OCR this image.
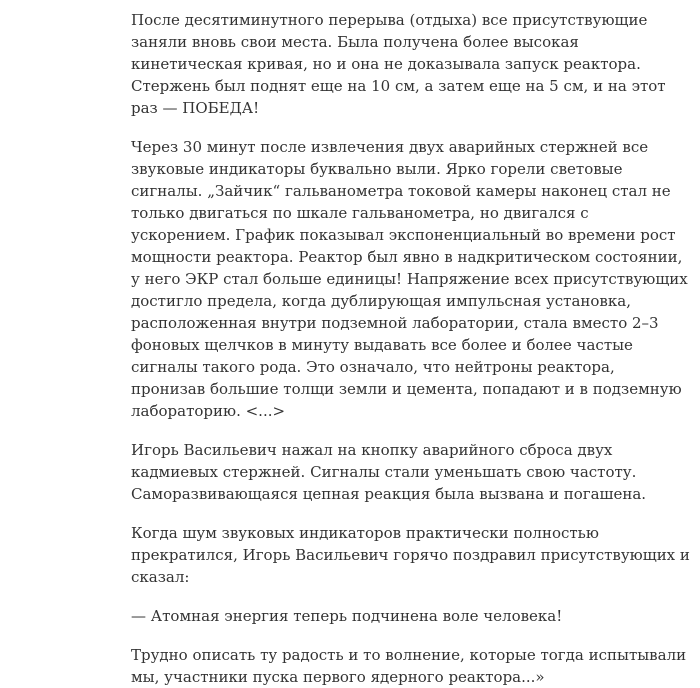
После десятиминутного перерыва (отдыха) все присутствующие заняли вновь свои места. Была получена более высокая кинетическая кривая, но и она не доказывала запуск реактора. Стержень был поднят еще на 10 см, а затем еще на 5 см, и на этот раз — ПОБЕДА!

Через 30 минут после извлечения двух аварийных стержней все звуковые индикаторы буквально выли. Ярко горели световые сигналы. „Зайчик“ гальванометра токовой камеры наконец стал не только двигаться по шкале гальванометра, но двигался с ускорением. График показывал экспоненциальный во времени рост мощности реактора. Реактор был явно в надкритическом состоянии, у него ЭКР стал больше единицы! Напряжение всех присутствующих достигло предела, когда дублирующая импульсная установка, расположенная внутри подземной лаборатории, стала вместо 2–3 фоновых щелчков в минуту выдавать все более и более частые сигналы такого рода. Это означало, что нейтроны реактора, пронизав большие толщи земли и цемента, попадают и в подземную лабораторию. <...>

Игорь Васильевич нажал на кнопку аварийного сброса двух кадмиевых стержней. Сигналы стали уменьшать свою частоту. Саморазвивающаяся цепная реакция была вызвана и погашена.

Когда шум звуковых индикаторов практически полностью прекратился, Игорь Васильевич горячо поздравил присутствующих и сказал:

— Атомная энергия теперь подчинена воле человека!

Трудно описать ту радость и то волнение, которые тогда испытывали мы, участники пуска первого ядерного реактора...»
